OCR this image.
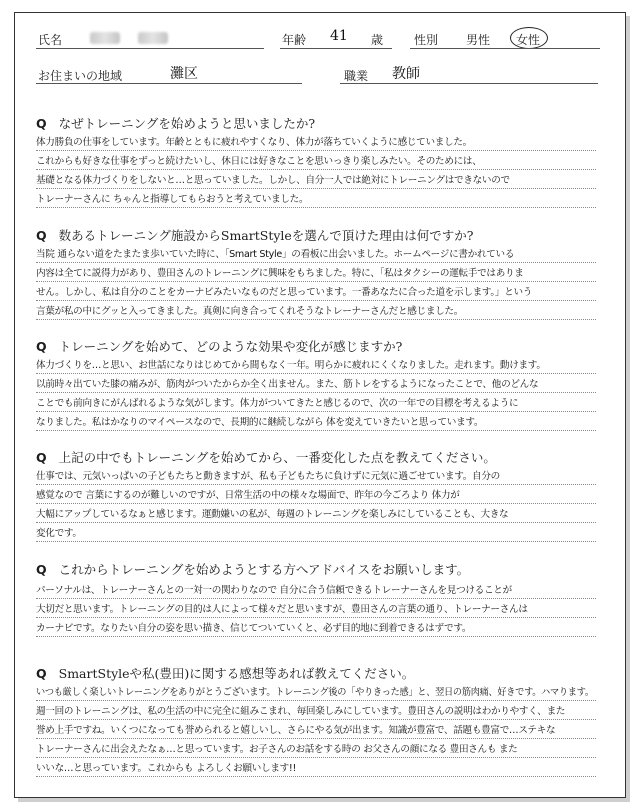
氏名	年齢 41 歳	性別 男性 女性
お住まいの地域	灘区	職業 教師
Q なぜトレーニングを始めようと思いましたか?
体力勝負の仕事をしています。年齢とともに疲れやすくなり、体力が落ちていくように感じていました。
これからも好きな仕事をずっと続けたいし、休日には好きなことを思いっきり楽しみたい。そのためには、
基礎となる体力づくりをしないと…と思っていました。しかし、自分一人では絶対にトレーニングはできないので
トレーナーさんに ちゃんと指導してもらおうと考えていました。
Q 数あるトレーニング施設からSmartStyleを選んで頂けた理由は何ですか?
当院 通らない道をたまたま歩いていた時に、「Smart Style」の看板に出会いました。ホームページに書かれている
内容は全てに説得力があり、豊田さんのトレーニングに興味をもちました。特に、「私はタクシーの運転手ではありま
せん。しかし、私は自分のことをカーナビみたいなものだと思っています。一番あなたに合った道を示します。」という
言葉が私の中にグッと入ってきました。真剣に向き合ってくれそうなトレーナーさんだと感じました。
Q トレーニングを始めて、どのような効果や変化が感じますか?
体力づくりを…と思い、お世話になりはじめてから間もなく一年。明らかに疲れにくくなりました。走れます。動けます。
以前時々出ていた膝の痛みが、筋肉がついたからか全く出ません。また、筋トレをするようになったことで、他のどんな
ことでも前向きにがんばれるような気がします。体力がついてきたと感じるので、次の一年での目標を考えるように
なりました。私はかなりのマイペースなので、長期的に継続しながら 体を変えていきたいと思っています。
Q 上記の中でもトレーニングを始めてから、一番変化した点を教えてください。
仕事では、元気いっぱいの子どもたちと動きますが、私も子どもたちに負けずに元気に過ごせています。自分の
感覚なので 言葉にするのが難しいのですが、日常生活の中の様々な場面で、昨年の今ごろより 体力が
大幅にアップしているなぁと感じます。運動嫌いの私が、毎週のトレーニングを楽しみにしていることも、大きな
変化です。
Q これからトレーニングを始めようとする方へアドバイスをお願いします。
パーソナルは、トレーナーさんとの一対一の関わりなので 自分に合う信頼できるトレーナーさんを見つけることが
大切だと思います。トレーニングの目的は人によって様々だと思いますが、豊田さんの言葉の通り、トレーナーさんは
カーナビです。なりたい自分の姿を思い描き、信じてついていくと、必ず目的地に到着できるはずです。
Q SmartStyleや私(豊田)に関する感想等あれば教えてください。
いつも厳しく楽しいトレーニングをありがとうございます。トレーニング後の「やりきった感」と、翌日の筋肉痛、好きです。ハマります。
週一回のトレーニングは、私の生活の中に完全に組みこまれ、毎回楽しみにしています。豊田さんの説明はわかりやすく、また
誉め上手ですね。いくつになっても誉められると嬉しいし、さらにやる気が出ます。知識が豊富で、話題も豊富で…ステキな
トレーナーさんに出会えたなぁ…と思っています。お子さんのお話をする時の お父さんの顔になる 豊田さんも また
いいな…と思っています。これからも よろしくお願いします!!
